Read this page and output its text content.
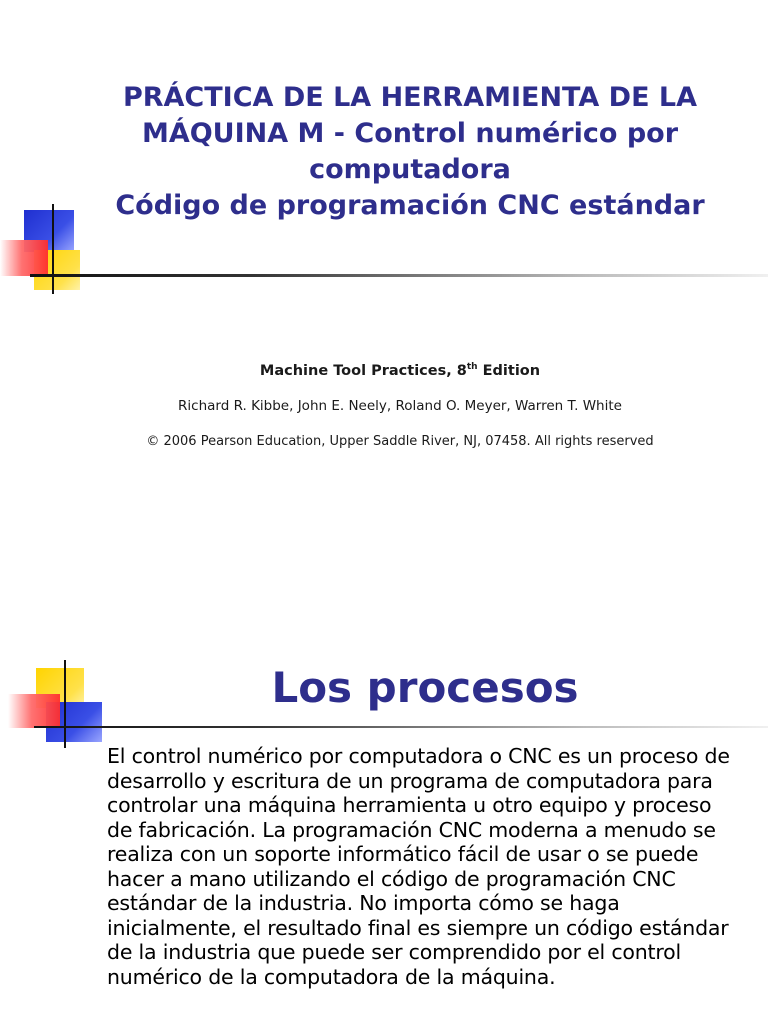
PRÁCTICA DE LA HERRAMIENTA DE LA
MÁQUINA M - Control numérico por
computadora
Código de programación CNC estándar
Machine Tool Practices, 8th Edition
Richard R. Kibbe, John E. Neely, Roland O. Meyer, Warren T. White
© 2006 Pearson Education, Upper Saddle River, NJ, 07458. All rights reserved
Los procesos

El control numérico por computadora o CNC es un proceso de desarrollo y escritura de un programa de computadora para controlar una máquina herramienta u otro equipo y proceso de fabricación. La programación CNC moderna a menudo se realiza con un soporte informático fácil de usar o se puede hacer a mano utilizando el código de programación CNC estándar de la industria. No importa cómo se haga inicialmente, el resultado final es siempre un código estándar de la industria que puede ser comprendido por el control numérico de la computadora de la máquina.
